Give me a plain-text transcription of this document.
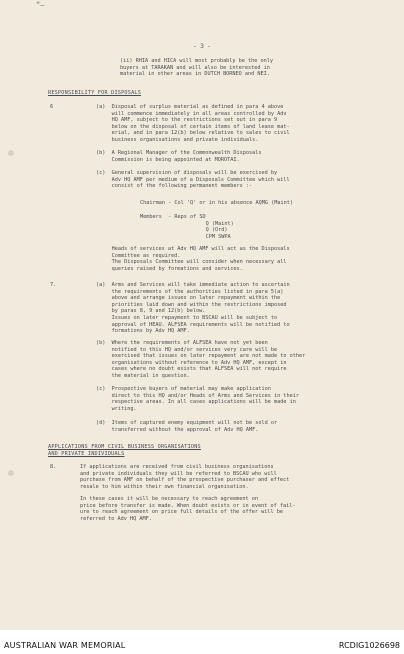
“—
- 3 -
(ii) RHIA and HICA will most probably be the only
buyers at TARAKAN and will also be interested in
material in other areas in DUTCH BORNEO and NEI.
RESPONSIBILITY FOR DISPOSALS
6	(a)  Disposal of surplus material as defined in para 4 above
will commence immediately in all areas controlled by Adv
HQ AMF, subject to the restrictions set out in para 9
below on the disposal of certain items of land lease mat-
erial, and in para 12(b) below relative to sales to civil
business organisations and private individuals.
(b)  A Regional Manager of the Commonwealth Disposals
Commission is being appointed at MOROTAI.
(c)  General supervision of disposals will be exercised by
Adv HQ AMF per medium of a Disposals Committee which will
consist of the following permanent members :-
Chairman - Col 'Q' or in his absence AQMG (Maint)
Members  - Reps of SD
Q (Maint)
Q (Ord)
CPM SWPA
Heads of services at Adv HQ AMF will act as the Disposals
Committee as required.
The Disposals Committee will consider when necessary all
queries raised by formations and services.
7.	(a)  Arms and Services will take immediate action to ascertain
the requirements of the authorities listed in para 5(a)
above and arrange issues on later repayment within the
priorities laid down and within the restrictions imposed
by paras 8, 9 and 12(b) below.
Issues on later repayment to BSCAU will be subject to
approval of HEAU. ALFSEA requirements will be notified to
formations by Adv HQ AMF.
(b)  Where the requirements of ALFSEA have not yet been
notified to this HQ and/or services very care will be
exercised that issues on later repayment are not made to other
organisations without reference to Adv HQ AMF, except in
cases where no doubt exists that ALFSEA will not require
the material in question.
(c)  Prospective buyers of material may make application
direct to this HQ and/or Heads of Arms and Services in their
respective areas. In all cases applications will be made in
writing.
(d)  Items of captured enemy equipment will not be sold or
transferred without the approval of Adv HQ AMF.
APPLICATIONS FROM CIVIL BUSINESS ORGANISATIONS
AND PRIVATE INDIVIDUALS
8.	If applications are received from civil business organisations
and private individuals they will be referred to BSCAU who will
purchase from AMF on behalf of the prospective purchaser and effect
resale to him within their own financial organisation.
In these cases it will be necessary to reach agreement on
price before transfer is made. When doubt exists or in event of fail-
ure to reach agreement on price full details of the offer will be
referred to Adv HQ AMF.
AUSTRALIAN WAR MEMORIAL	RCDIG1026698
